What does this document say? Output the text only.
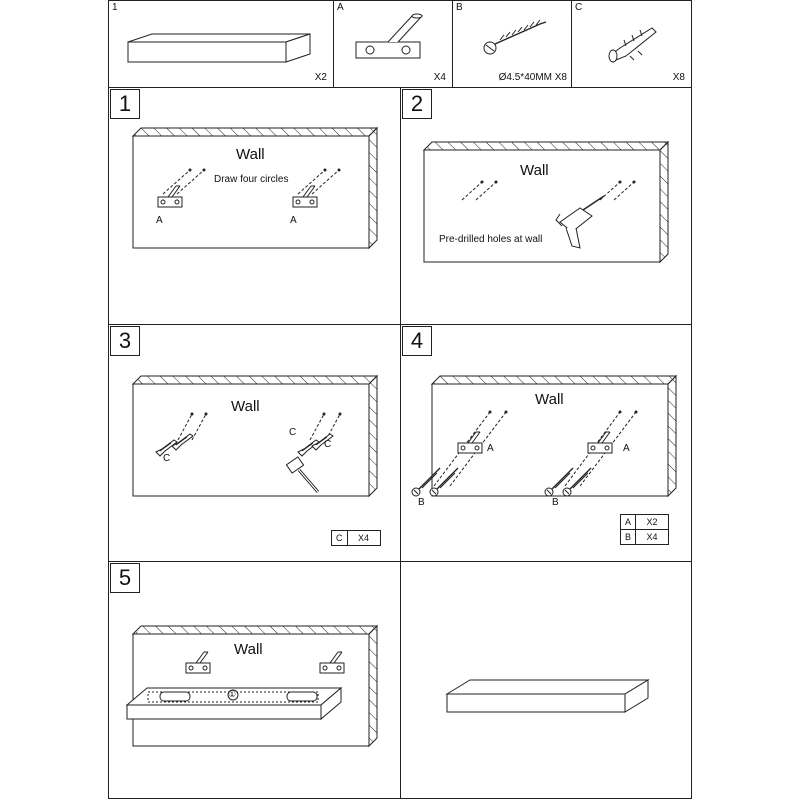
1
X2
A
X4
B
Ø4.5*40MM X8
C
X8
1	2
3	4
5
Wall
Draw four circles
A	A
Wall
Pre-drilled holes at wall
Wall
C
C
C
C	X4
Wall
A	A
B	B
A	X2
B	X4
Wall
①
